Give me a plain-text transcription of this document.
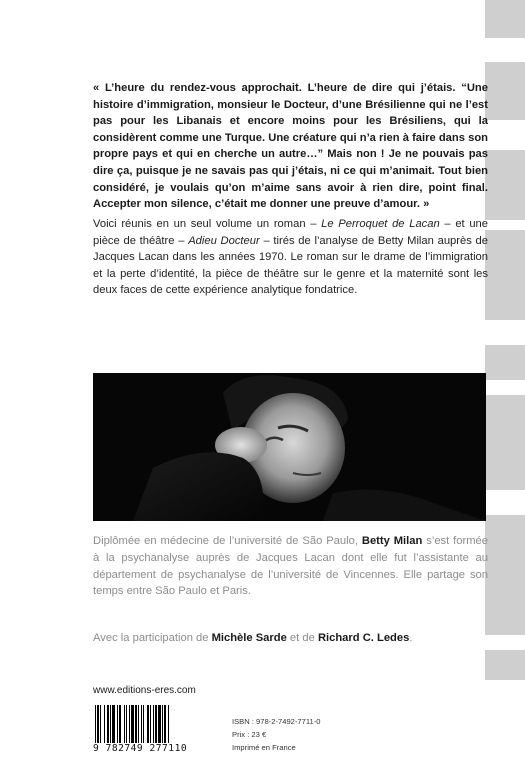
« L’heure du rendez-vous approchait. L’heure de dire qui j’étais. “Une histoire d’immigration, monsieur le Docteur, d’une Brésilienne qui ne l’est pas pour les Libanais et encore moins pour les Brésiliens, qui la considèrent comme une Turque. Une créature qui n’a rien à faire dans son propre pays et qui en cherche un autre…” Mais non ! Je ne pouvais pas dire ça, puisque je ne savais pas qui j’étais, ni ce qui m’animait. Tout bien considéré, je voulais qu’on m’aime sans avoir à rien dire, point final. Accepter mon silence, c’était me donner une preuve d’amour. »

Voici réunis en un seul volume un roman – Le Perroquet de Lacan – et une pièce de théâtre – Adieu Docteur – tirés de l’analyse de Betty Milan auprès de Jacques Lacan dans les années 1970. Le roman sur le drame de l’immigration et la perte d’identité, la pièce de théâtre sur le genre et la maternité sont les deux faces de cette expérience analytique fondatrice.

Diplômée en médecine de l’université de São Paulo, Betty Milan s’est formée à la psychanalyse auprès de Jacques Lacan dont elle fut l’assistante au département de psychanalyse de l’université de Vincennes. Elle partage son temps entre São Paulo et Paris.

Avec la participation de Michèle Sarde et de Richard C. Ledes.

www.editions-eres.com
9 782749 277110
ISBN : 978-2-7492-7711-0
Prix : 23 €
Imprimé en France
